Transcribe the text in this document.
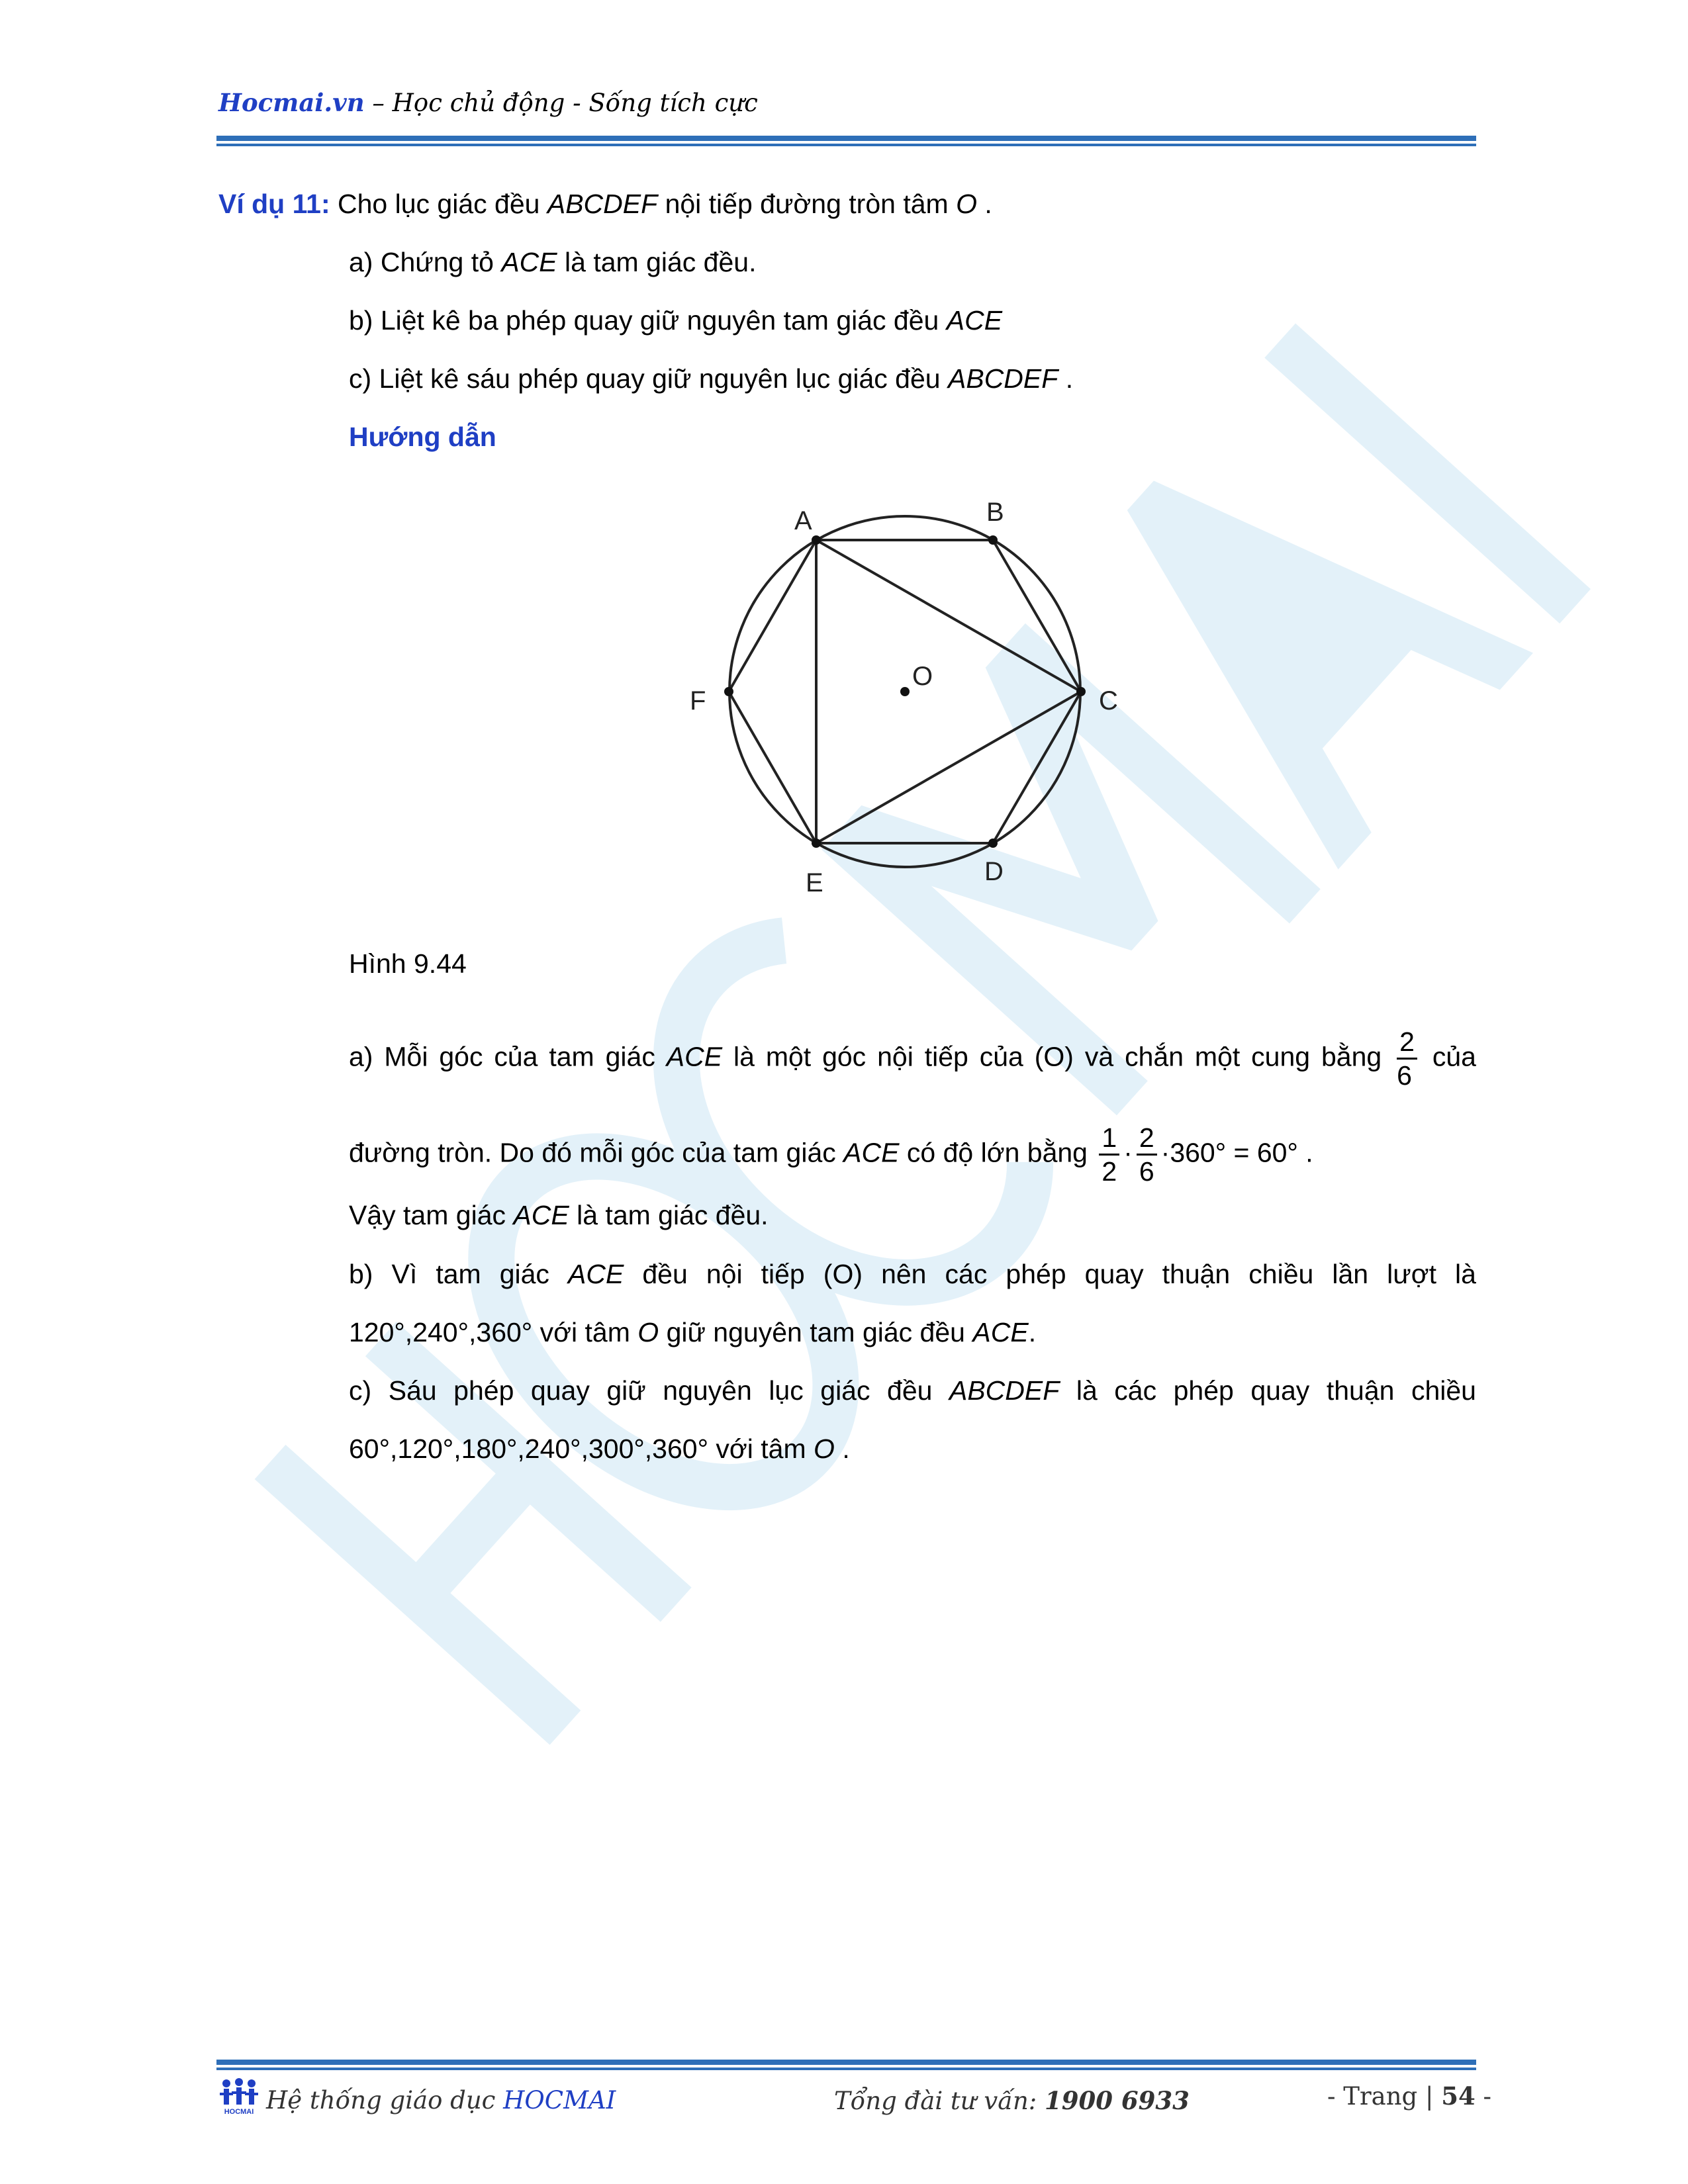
Hocmai.vn – Học chủ động - Sống tích cực
Ví dụ 11: Cho lục giác đều ABCDEF nội tiếp đường tròn tâm O .
a) Chứng tỏ ACE là tam giác đều.
b) Liệt kê ba phép quay giữ nguyên tam giác đều ACE
c) Liệt kê sáu phép quay giữ nguyên lục giác đều ABCDEF .
Hướng dẫn
A	B
C
D
E
F
O
Hình 9.44
a) Mỗi góc của tam giác ACE là một góc nội tiếp của (O) và chắn một cung bằng $\frac{2}{6}$ của
đường tròn. Do đó mỗi góc của tam giác ACE có độ lớn bằng $\frac{1}{2} \cdot \frac{2}{6} \cdot 360^\circ = 60^\circ$ .
Vậy tam giác ACE là tam giác đều.
b) Vì tam giác ACE đều nội tiếp (O) nên các phép quay thuận chiều lần lượt là
120°,240°,360° với tâm O giữ nguyên tam giác đều ACE.
c) Sáu phép quay giữ nguyên lục giác đều ABCDEF là các phép quay thuận chiều
60°,120°,180°,240°,300°,360° với tâm O .
HOCMAI Hệ thống giáo dục HOCMAI	Tổng đài tư vấn: 1900 6933	- Trang | 54 -
